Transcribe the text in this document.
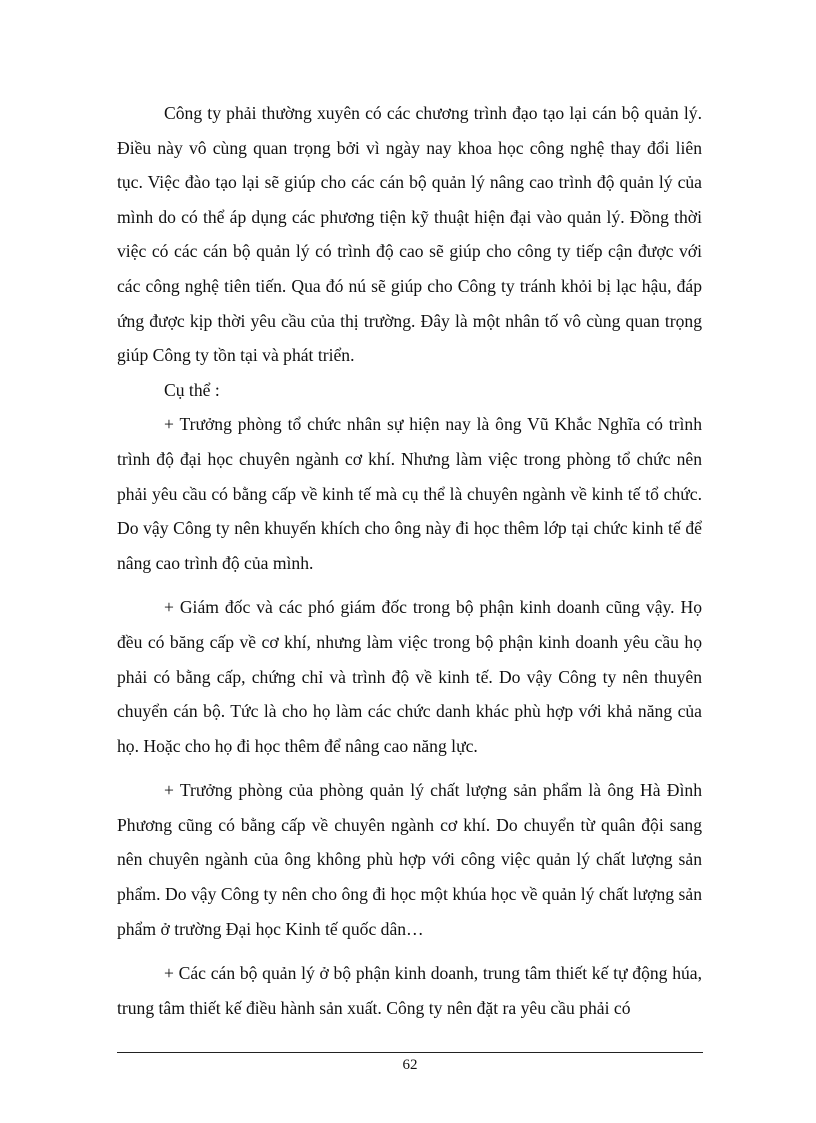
Công ty phải thường xuyên có các chương trình đạo tạo lại cán bộ quản lý. Điều này vô cùng quan trọng bởi vì ngày nay khoa học công nghệ thay đổi liên tục. Việc đào tạo lại sẽ giúp cho các cán bộ quản lý nâng cao trình độ quản lý của mình do có thể áp dụng các phương tiện kỹ thuật hiện đại vào quản lý. Đồng thời việc có các cán bộ quản lý có trình độ cao sẽ giúp cho công ty tiếp cận được với các công nghệ tiên tiến. Qua đó nú sẽ giúp cho Công ty tránh khỏi bị lạc hậu, đáp ứng được kịp thời yêu cầu của thị trường. Đây là một nhân tố vô cùng quan trọng giúp Công ty tồn tại và phát triển.

Cụ thể :

+ Trưởng phòng tổ chức nhân sự hiện nay là ông Vũ Khắc Nghĩa có trình trình độ đại học chuyên ngành cơ khí. Nhưng làm việc trong phòng tổ chức nên phải yêu cầu có bằng cấp về kinh tế mà cụ thể là chuyên ngành về kinh tế tổ chức. Do vậy Công ty nên khuyến khích cho ông này đi học thêm lớp tại chức kinh tế để nâng cao trình độ của mình.

+ Giám đốc và các phó giám đốc trong bộ phận kinh doanh cũng vậy. Họ đều có băng cấp về cơ khí, nhưng làm việc trong bộ phận kinh doanh yêu cầu họ phải có bằng cấp, chứng chỉ và trình độ về kinh tế. Do vậy Công ty nên thuyên chuyển cán bộ. Tức là cho họ làm các chức danh khác phù hợp với khả năng của họ. Hoặc cho họ đi học thêm để nâng cao năng lực.

+ Trưởng phòng của phòng quản lý chất lượng sản phẩm là ông Hà Đình Phương cũng có bằng cấp về chuyên ngành cơ khí. Do chuyển từ quân đội sang nên chuyên ngành của ông không phù hợp với công việc quản lý chất lượng sản phẩm. Do vậy Công ty nên cho ông đi học một khúa học về quản lý chất lượng sản phẩm ở trường Đại học Kinh tế quốc dân…

+ Các cán bộ quản lý ở bộ phận kinh doanh, trung tâm thiết kế tự động húa, trung tâm thiết kế điều hành sản xuất. Công ty nên đặt ra yêu cầu phải có

62
